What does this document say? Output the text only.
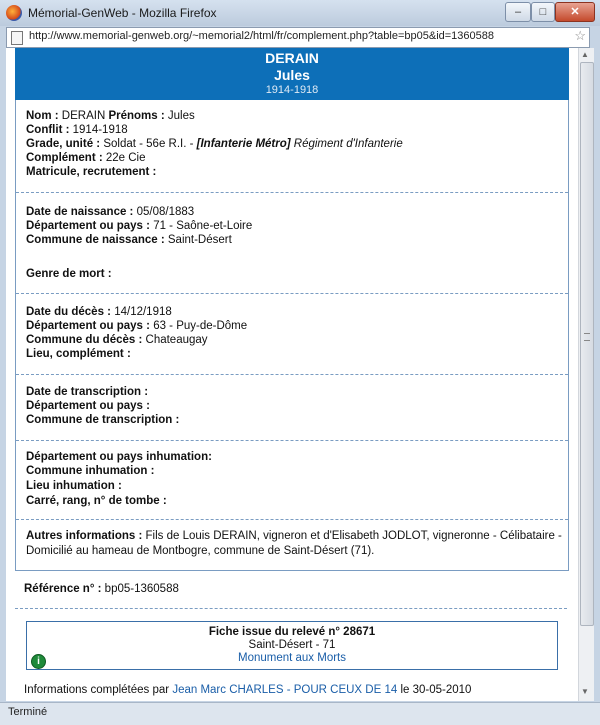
Mémorial-GenWeb - Mozilla Firefox	–	□	✕
http://www.memorial-genweb.org/~memorial2/html/fr/complement.php?table=bp05&id=1360588	☆
DERAIN
Jules
1914-1918
Nom : DERAIN Prénoms : Jules
Conflit : 1914-1918
Grade, unité : Soldat - 56e R.I. - [Infanterie Métro] Régiment d'Infanterie
Complément : 22e Cie
Matricule, recrutement :
Date de naissance : 05/08/1883
Département ou pays : 71 - Saône-et-Loire
Commune de naissance : Saint-Désert
Genre de mort :
Date du décès : 14/12/1918
Département ou pays : 63 - Puy-de-Dôme
Commune du décès : Chateaugay
Lieu, complément :
Date de transcription :
Département ou pays :
Commune de transcription :
Département ou pays inhumation:
Commune inhumation :
Lieu inhumation :
Carré, rang, n° de tombe :
Autres informations : Fils de Louis DERAIN, vigneron et d'Elisabeth JODLOT, vigneronne - Célibataire -
Domicilié au hameau de Montbogre, commune de Saint-Désert (71).
Référence n° : bp05-1360588
Fiche issue du relevé n° 28671
Saint-Désert - 71
Monument aux Morts
i
Informations complétées par Jean Marc CHARLES - POUR CEUX DE 14 le 30-05-2010
▲
▼
Terminé
